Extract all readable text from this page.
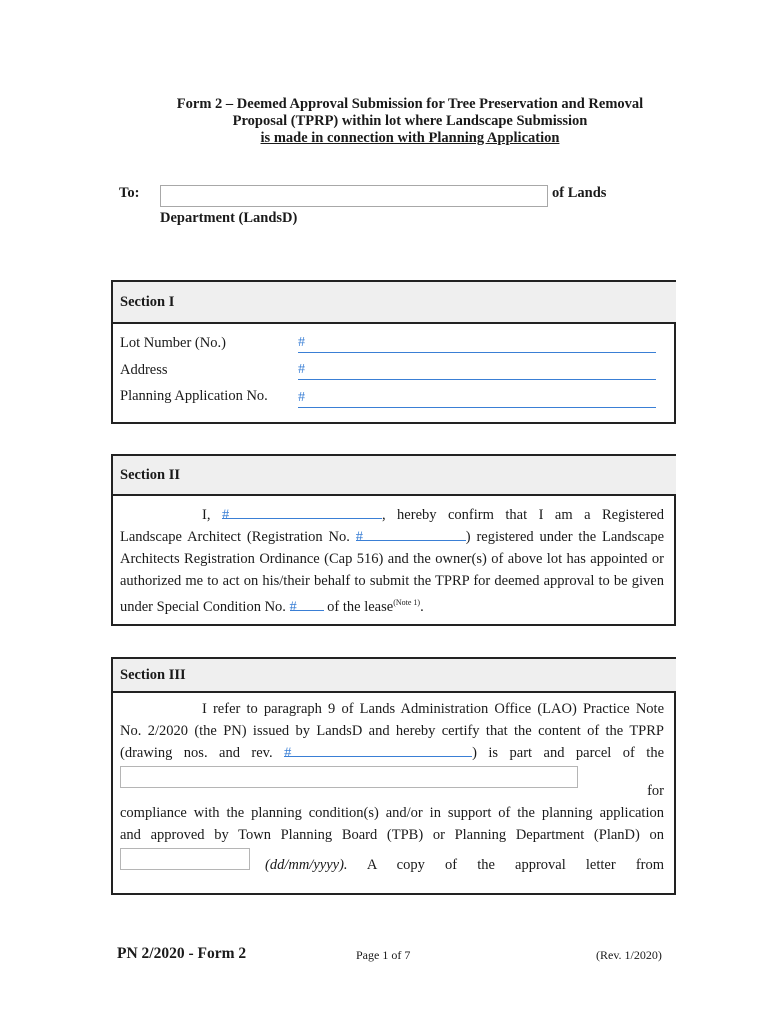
Form 2 – Deemed Approval Submission for Tree Preservation and Removal
Proposal (TPRP) within lot where Landscape Submission
is made in connection with Planning Application
To:	of Lands
Department (LandsD)
Section I
Lot Number (No.)	#
Address	#
Planning Application No. #
Section II
I, #	, hereby confirm that I am a Registered Landscape Architect (Registration No. #	) registered under the Landscape Architects Registration Ordinance (Cap 516) and the owner(s) of above lot has appointed or authorized me to act on his/their behalf to submit the TPRP for deemed approval to be given under Special Condition No. # of the lease$^{(Note 1)}$.
Section III
I refer to paragraph 9 of Lands Administration Office (LAO) Practice Note
No. 2/2020 (the PN) issued by LandsD and hereby certify that the content of the TPRP
(drawing nos. and rev. #	) is part and parcel of the
for
compliance with the planning condition(s) and/or in support of the planning application
and approved by Town Planning Board (TPB) or Planning Department (PlanD) on
(dd/mm/yyyy). A copy of the approval letter from
PN 2/2020 - Form 2	Page 1 of 7	(Rev. 1/2020)
